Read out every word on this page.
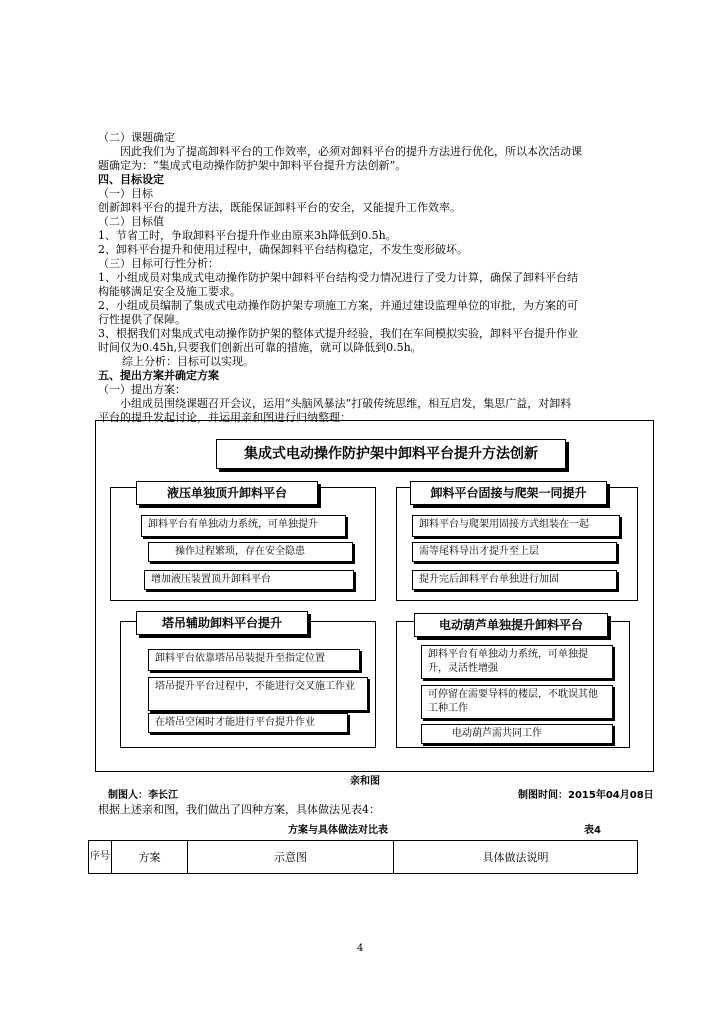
（二）课题确定
因此我们为了提高卸料平台的工作效率，必须对卸料平台的提升方法进行优化，所以本次活动课
题确定为：“集成式电动操作防护架中卸料平台提升方法创新”。
四、目标设定
（一）目标
创新卸料平台的提升方法，既能保证卸料平台的安全，又能提升工作效率。
（二）目标值
1、节省工时，争取卸料平台提升作业由原来3h降低到0.5h。
2、卸料平台提升和使用过程中，确保卸料平台结构稳定，不发生变形破坏。
（三）目标可行性分析：
1、小组成员对集成式电动操作防护架中卸料平台结构受力情况进行了受力计算，确保了卸料平台结
构能够满足安全及施工要求。
2、小组成员编制了集成式电动操作防护架专项施工方案，并通过建设监理单位的审批，为方案的可
行性提供了保障。
3、根据我们对集成式电动操作防护架的整体式提升经验，我们在车间模拟实验，卸料平台提升作业
时间仅为0.45h,只要我们创新出可靠的措施，就可以降低到0.5h。
综上分析：目标可以实现。
五、提出方案并确定方案
（一）提出方案：
小组成员围绕课题召开会议，运用“头脑风暴法”打破传统思维，相互启发，集思广益，对卸料
平台的提升发起讨论，并运用亲和图进行归纳整理：
集成式电动操作防护架中卸料平台提升方法创新
液压单独顶升卸料平台
卸料平台有单独动力系统，可单独提升
操作过程繁琐，存在安全隐患
增加液压装置顶升卸料平台
卸料平台固接与爬架一同提升
卸料平台与爬架用固接方式组装在一起
需等尾料导出才提升至上层
提升完后卸料平台单独进行加固
塔吊辅助卸料平台提升
卸料平台依靠塔吊吊装提升至指定位置
塔吊提升平台过程中，不能进行交叉施工作业
在塔吊空闲时才能进行平台提升作业
电动葫芦单独提升卸料平台
卸料平台有单独动力系统，可单独提升，灵活性增强
可停留在需要导料的楼层，不耽误其他工种工作
电动葫芦需共同工作
亲和图
制图人：李长江	制图时间：2015年04月08日
根据上述亲和图，我们做出了四种方案，具体做法见表4：
方案与具体做法对比表	表4
序号	方案	示意图	具体做法说明
4
